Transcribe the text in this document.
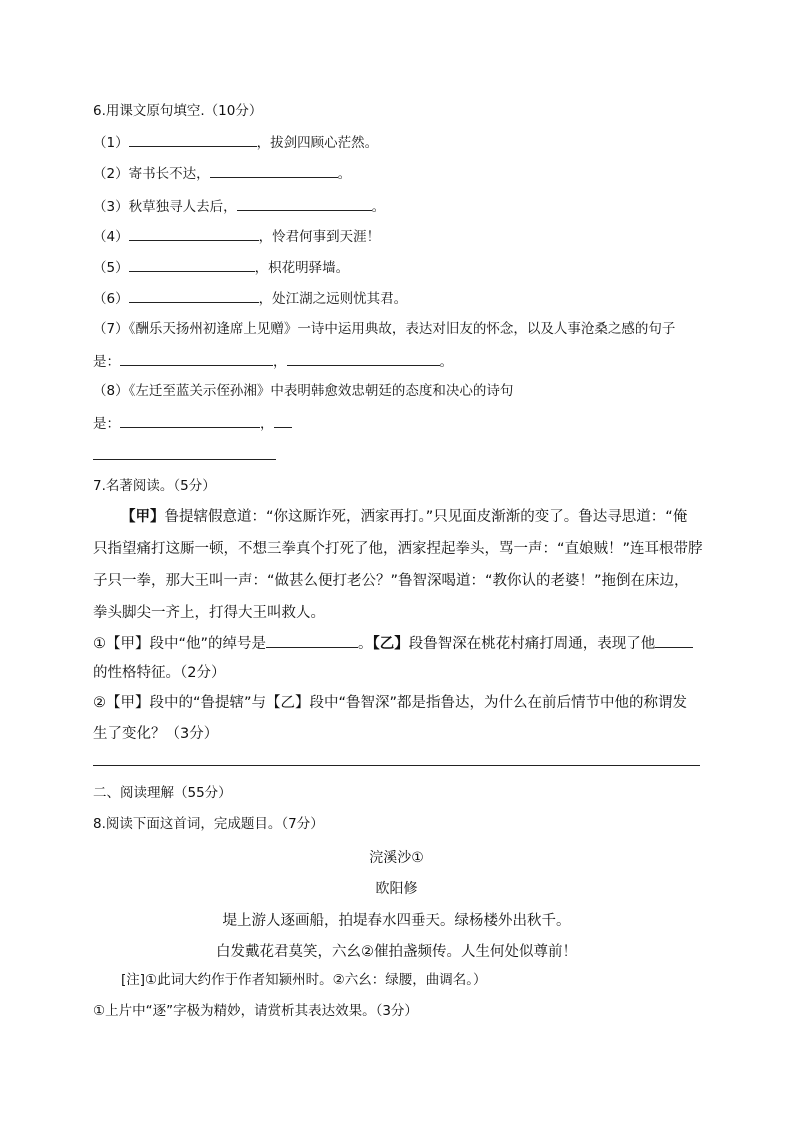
6.用课文原句填空.（10分）
（1）	，拔剑四顾心茫然。
（2）寄书长不达，	。
（3）秋草独寻人去后，	。
（4）	，怜君何事到天涯！
（5）	，枳花明驿墙。
（6）	，处江湖之远则忧其君。
（7）《酬乐天扬州初逢席上见赠》一诗中运用典故，表达对旧友的怀念，以及人事沧桑之感的句子
是：	，	。
（8）《左迁至蓝关示侄孙湘》中表明韩愈效忠朝廷的态度和决心的诗句
是：	，
7.名著阅读。（5分）
【甲】鲁提辖假意道：“你这厮诈死，洒家再打。”只见面皮渐渐的变了。鲁达寻思道：“俺
只指望痛打这厮一顿，不想三拳真个打死了他，洒家捏起拳头，骂一声：“直娘贼！”连耳根带脖
子只一拳，那大王叫一声：“做甚么便打老公？”鲁智深喝道：“教你认的老婆！”拖倒在床边，
拳头脚尖一齐上，打得大王叫救人。
①【甲】段中“他”的绰号是	。【乙】段鲁智深在桃花村痛打周通，表现了他
的性格特征。（2分）
②【甲】段中的“鲁提辖”与【乙】段中“鲁智深”都是指鲁达，为什么在前后情节中他的称谓发
生了变化？（3分）
二、阅读理解（55分）
8.阅读下面这首词，完成题目。（7分）
浣溪沙①
欧阳修
堤上游人逐画船，拍堤春水四垂天。绿杨楼外出秋千。
白发戴花君莫笑，六幺②催拍盏频传。人生何处似尊前！
[注]①此词大约作于作者知颍州时。②六幺：绿腰，曲调名。）
①上片中“逐”字极为精妙，请赏析其表达效果。（3分）
